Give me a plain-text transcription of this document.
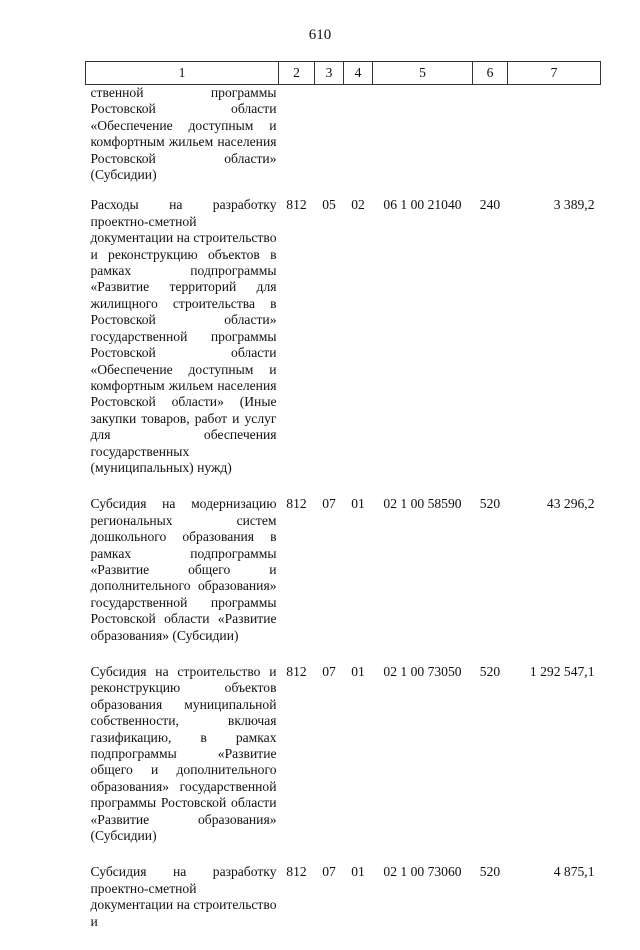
610
1	2	3	4	5	6	7
ственной программы Ростовской области «Обеспечение доступным и комфортным жильем населения Ростовской области» (Субсидии)						
Расходы на разработку проектно-сметной документации на строительство и реконструкцию объектов в рамках подпрограммы «Развитие территорий для жилищного строительства в Ростовской области» государственной программы Ростовской области «Обеспечение доступным и комфортным жильем населения Ростовской области» (Иные закупки товаров, работ и услуг для обеспечения государственных (муниципальных) нужд)	812	05	02	06 1 00 21040	240	3 389,2
Субсидия на модернизацию региональных систем дошкольного образования в рамках подпрограммы «Развитие общего и дополнительного образования» государственной программы Ростовской области «Развитие образования» (Субсидии)	812	07	01	02 1 00 58590	520	43 296,2
Субсидия на строительство и реконструкцию объектов образования муниципальной собственности, включая газификацию, в рамках подпрограммы «Развитие общего и дополнительного образования» государственной программы Ростовской области «Развитие образования» (Субсидии)	812	07	01	02 1 00 73050	520	1 292 547,1
Субсидия на разработку проектно-сметной документации на строительство и	812	07	01	02 1 00 73060	520	4 875,1
